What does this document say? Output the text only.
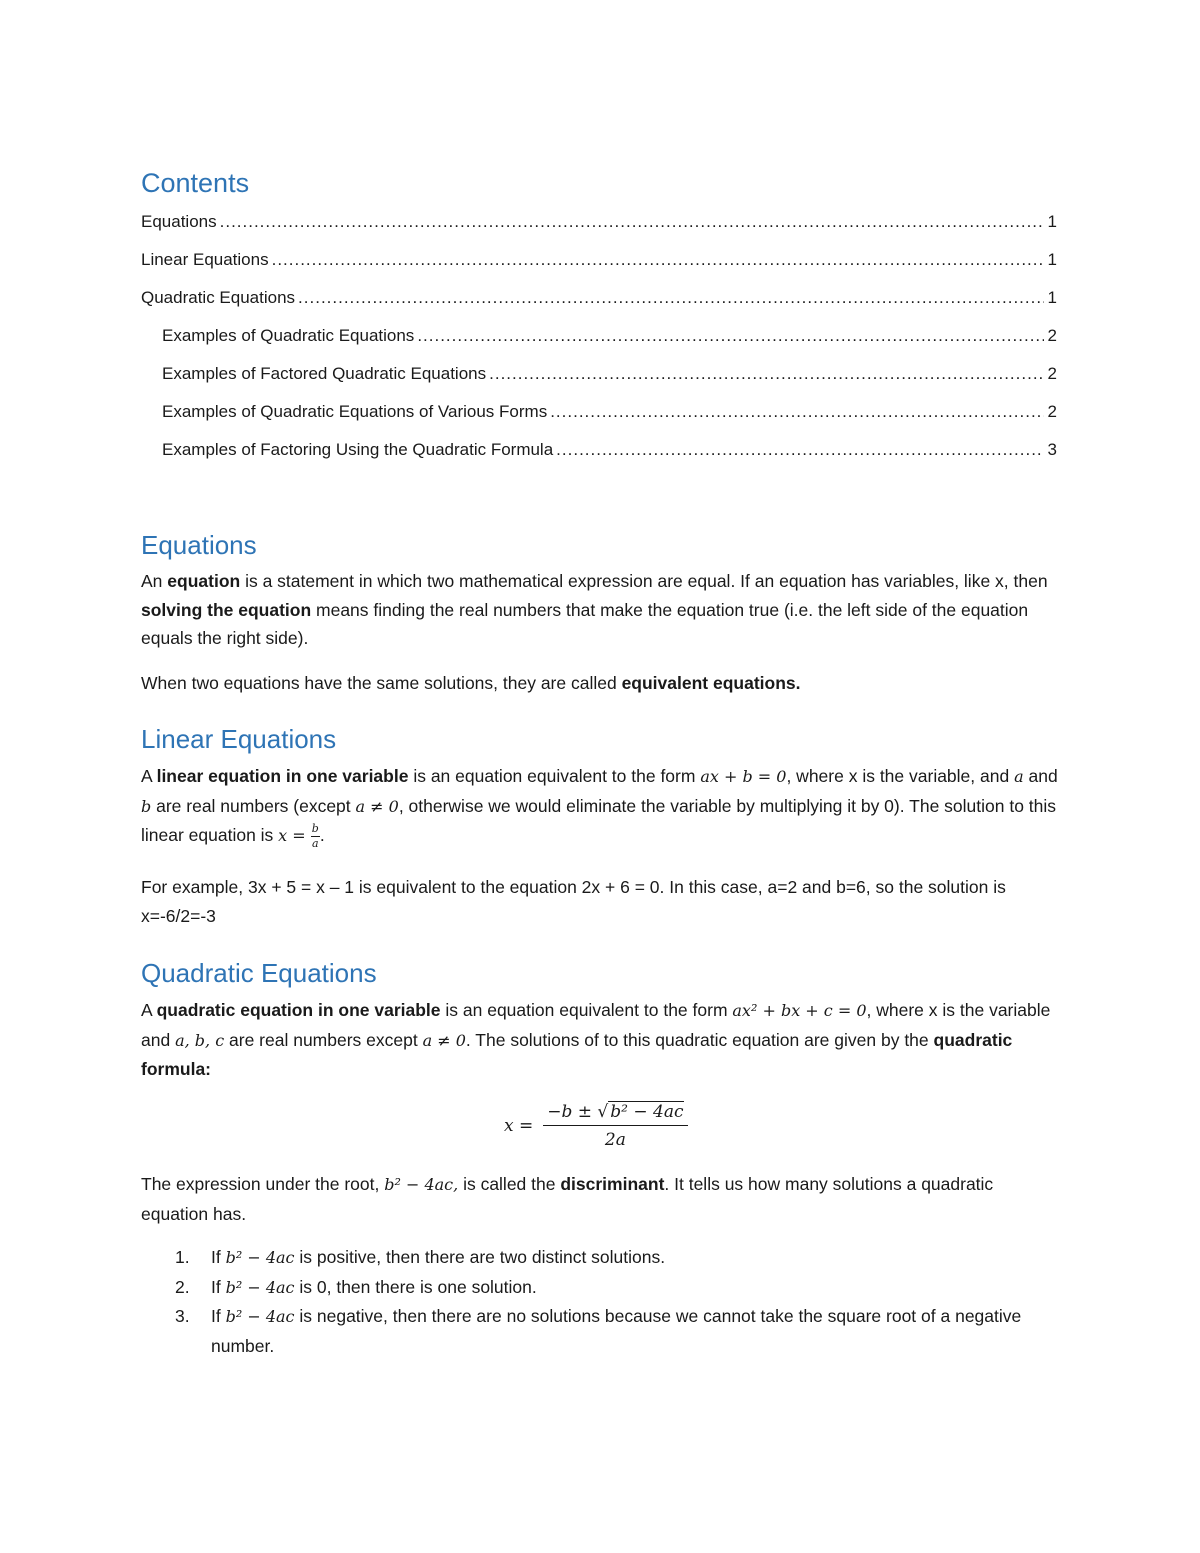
Contents
Equations .....	1
Linear Equations .....	1
Quadratic Equations .....	1
Examples of Quadratic Equations .....	2
Examples of Factored Quadratic Equations .....	2
Examples of Quadratic Equations of Various Forms .....	2
Examples of Factoring Using the Quadratic Formula .....	3
Equations

An equation is a statement in which two mathematical expression are equal. If an equation has variables, like x, then solving the equation means finding the real numbers that make the equation true (i.e. the left side of the equation equals the right side).

When two equations have the same solutions, they are called equivalent equations.

Linear Equations

A linear equation in one variable is an equation equivalent to the form ax + b = 0, where x is the variable, and a and b are real numbers (except a ≠ 0, otherwise we would eliminate the variable by multiplying it by 0). The solution to this linear equation is $x = \frac{b}{a}$ .

For example, 3x + 5 = x – 1 is equivalent to the equation 2x + 6 = 0. In this case, a=2 and b=6, so the solution is x=-6/2=-3

Quadratic Equations

A quadratic equation in one variable is an equation equivalent to the form ax² + bx + c = 0, where x is the variable and a, b, c are real numbers except a ≠ 0. The solutions of to this quadratic equation are given by the quadratic formula:

$x = \frac{\text{−b ± √ b² − 4ac}}{2a}$

The expression under the root, b² − 4ac, is called the discriminant. It tells us how many solutions a quadratic equation has.

1.	If b² − 4ac is positive, then there are two distinct solutions.
2.	If b² − 4ac is 0, then there is one solution.
3.	If b² − 4ac is negative, then there are no solutions because we cannot take the square root of a negative number.
